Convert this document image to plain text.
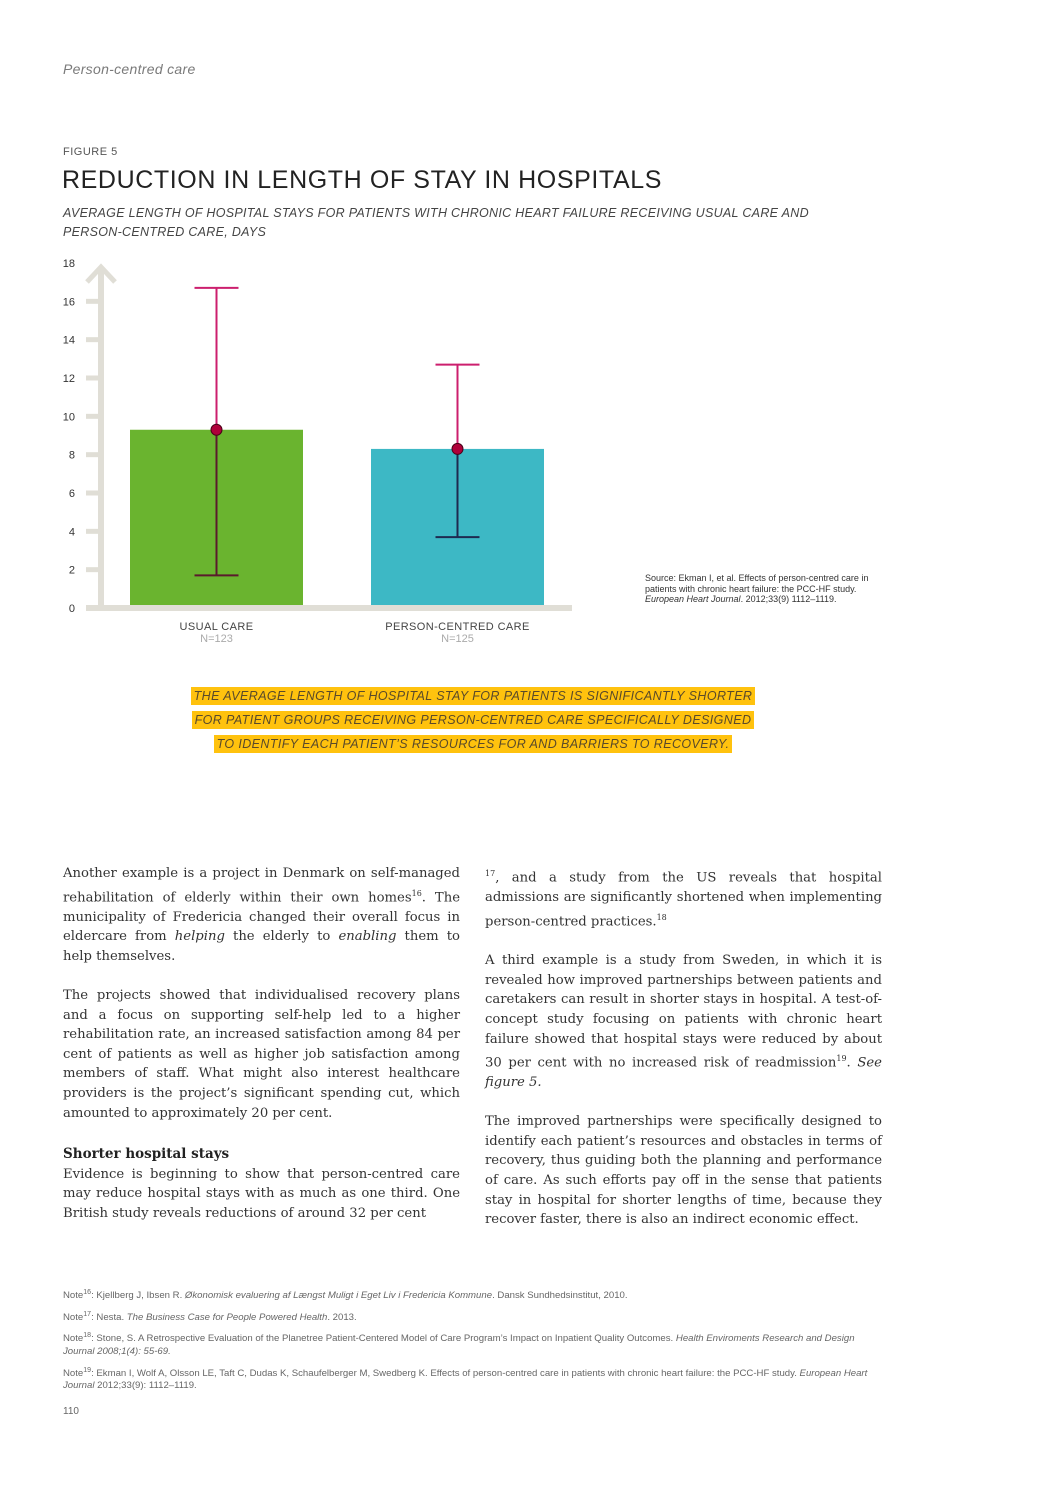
Person-centred care
FIGURE 5
REDUCTION IN LENGTH OF STAY IN HOSPITALS
AVERAGE LENGTH OF HOSPITAL STAYS FOR PATIENTS WITH CHRONIC HEART FAILURE RECEIVING USUAL CARE AND PERSON-CENTRED CARE, DAYS
0
2
4
6
8
10
12
14
16
18
USUAL CARE
N=123
PERSON-CENTRED CARE
N=125
Source: Ekman I, et al. Effects of person-centred care in patients with chronic heart failure: the PCC-HF study. European Heart Journal. 2012;33(9) 1112–1119.
THE AVERAGE LENGTH OF HOSPITAL STAY FOR PATIENTS IS SIGNIFICANTLY SHORTER
FOR PATIENT GROUPS RECEIVING PERSON-CENTRED CARE SPECIFICALLY DESIGNED
TO IDENTIFY EACH PATIENT’S RESOURCES FOR AND BARRIERS TO RECOVERY.

Another example is a project in Denmark on self-managed rehabilitation of elderly within their own homes$^{16}$. The municipality of Fredericia changed their overall focus in eldercare from helping the elderly to enabling them to help themselves.

The projects showed that individualised recovery plans and a focus on supporting self-help led to a higher rehabilitation rate, an increased satisfaction among 84 per cent of patients as well as higher job satisfaction among members of staff. What might also interest healthcare providers is the project’s significant spending cut, which amounted to approximately 20 per cent.

Shorter hospital stays

Evidence is beginning to show that person-centred care may reduce hospital stays with as much as one third. One British study reveals reductions of around 32 per cent

$^{17}$, and a study from the US reveals that hospital admissions are significantly shortened when implementing person-centred practices.$^{18}$

A third example is a study from Sweden, in which it is revealed how improved partnerships between patients and caretakers can result in shorter stays in hospital. A test-of-concept study focusing on patients with chronic heart failure showed that hospital stays were reduced by about 30 per cent with no increased risk of readmission$^{19}$. See figure 5.

The improved partnerships were specifically designed to identify each patient’s resources and obstacles in terms of recovery, thus guiding both the planning and performance of care. As such efforts pay off in the sense that patients stay in hospital for shorter lengths of time, because they recover faster, there is also an indirect economic effect.

Note$^{16}$: Kjellberg J, Ibsen R. Økonomisk evaluering af Længst Muligt i Eget Liv i Fredericia Kommune. Dansk Sundhedsinstitut, 2010.
Note$^{17}$: Nesta. The Business Case for People Powered Health. 2013.
Note$^{18}$: Stone, S. A Retrospective Evaluation of the Planetree Patient-Centered Model of Care Program’s Impact on Inpatient Quality Outcomes. Health Enviroments Research and Design Journal 2008;1(4): 55-69.
Note$^{19}$: Ekman I, Wolf A, Olsson LE, Taft C, Dudas K, Schaufelberger M, Swedberg K. Effects of person-centred care in patients with chronic heart failure: the PCC-HF study. European Heart Journal 2012;33(9): 1112–1119.
110
